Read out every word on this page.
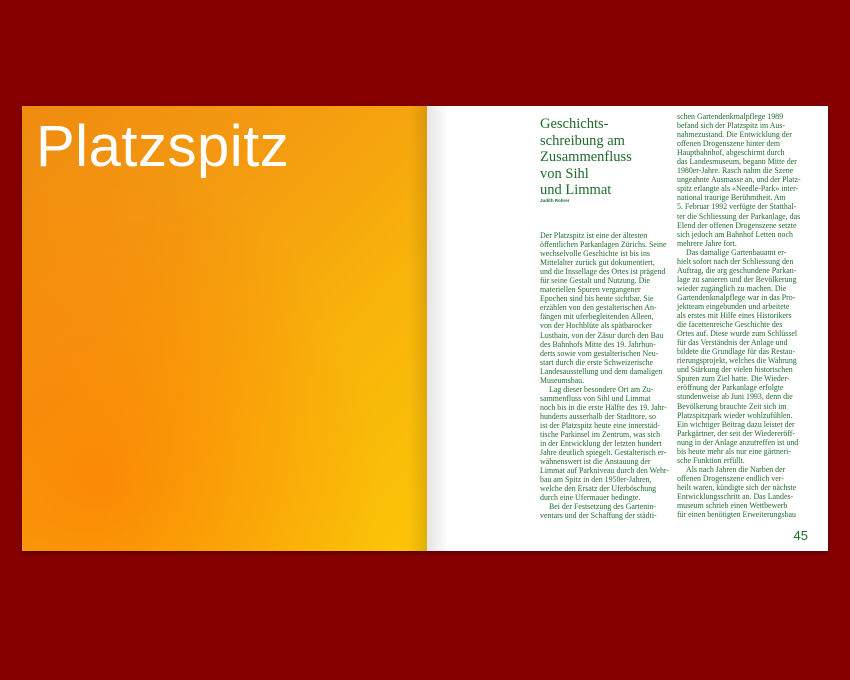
Platzspitz	Geschichts-
schreibung am
Zusammenfluss
von Sihl
und Limmat
Judith Rohrer

Der Platzspitz ist eine der ältesten
öffentlichen Parkanlagen Zürichs. Seine
wechselvolle Geschichte ist bis ins
Mittelalter zurück gut dokumentiert,
und die Inssellage des Ortes ist prägend
für seine Gestalt und Nutzung. Die
materiellen Spuren vergangener
Epochen sind bis heute sichtbar. Sie
erzählen von den gestalterischen An-
fängen mit uferbegleitenden Alleen,
von der Hochblüte als spätbarocker
Lusthain, von der Zäsur durch den Bau
des Bahnhofs Mitte des 19. Jahrhun-
derts sowie vom gestalterischen Neu-
start durch die erste Schweizerische
Landesausstellung und dem damaligen
Museumsbau.

Lag dieser besondere Ort am Zu-
sammenfluss von Sihl und Limmat
noch bis in die erste Hälfte des 19. Jahr-
hunderts ausserhalb der Stadttore, so
ist der Platzspitz heute eine innerstäd-
tische Parkinsel im Zentrum, was sich
in der Entwicklung der letzten hundert
Jahre deutlich spiegelt. Gestalterisch er-
wähnenswert ist die Anstauung der
Limmat auf Parkniveau durch den Wehr-
bau am Spitz in den 1950er-Jahren,
welche den Ersatz der Uferböschung
durch eine Ufermauer bedingte.

Bei der Festsetzung des Gartenin-
ventars und der Schaffung der städti-

schen Gartendenkmalpflege 1989
befand sich der Platzspitz im Aus-
nahmezustand. Die Entwicklung der
offenen Drogenszene hinter dem
Hauptbahnhof, abgeschirmt durch
das Landesmuseum, begann Mitte der
1980er-Jahre. Rasch nahm die Szene
ungeahnte Ausmasse an, und der Platz-
spitz erlangte als «Needle-Park» inter-
national traurige Berühmtheit. Am
5. Februar 1992 verfügte der Statthal-
ter die Schliessung der Parkanlage, das
Elend der offenen Drogenszene setzte
sich jedoch am Bahnhof Letten noch
mehrere Jahre fort.

Das damalige Gartenbauamt er-
hielt sofort nach der Schliessung den
Auftrag, die arg geschundene Parkan-
lage zu sanieren und der Bevölkerung
wieder zugänglich zu machen. Die
Gartendenkmalpflege war in das Pro-
jektteam eingebunden und arbeitete
als erstes mit Hilfe eines Historikers
die facettenreiche Geschichte des
Ortes auf. Diese wurde zum Schlüssel
für das Verständnis der Anlage und
bildete die Grundlage für das Restau-
rierungsprojekt, welches die Wahrung
und Stärkung der vielen historischen
Spuren zum Ziel hatte. Die Wieder-
eröffnung der Parkanlage erfolgte
stundenweise ab Juni 1993, denn die
Bevölkerung brauchte Zeit sich im
Platzspitzpark wieder wohlzufühlen.
Ein wichtiger Beitrag dazu leistet der
Parkgärtner, der seit der Wiedereröff-
nung in der Anlage anzutreffen ist und
bis heute mehr als nur eine gärtneri-
sche Funktion erfüllt.

Als nach Jahren die Narben der
offenen Drogenszene endlich ver-
heilt waren, kündigte sich der nächste
Entwicklungsschritt an. Das Landes-
museum schrieb einen Wettbewerb
für einen benötigten Erweiterungsbau

45
